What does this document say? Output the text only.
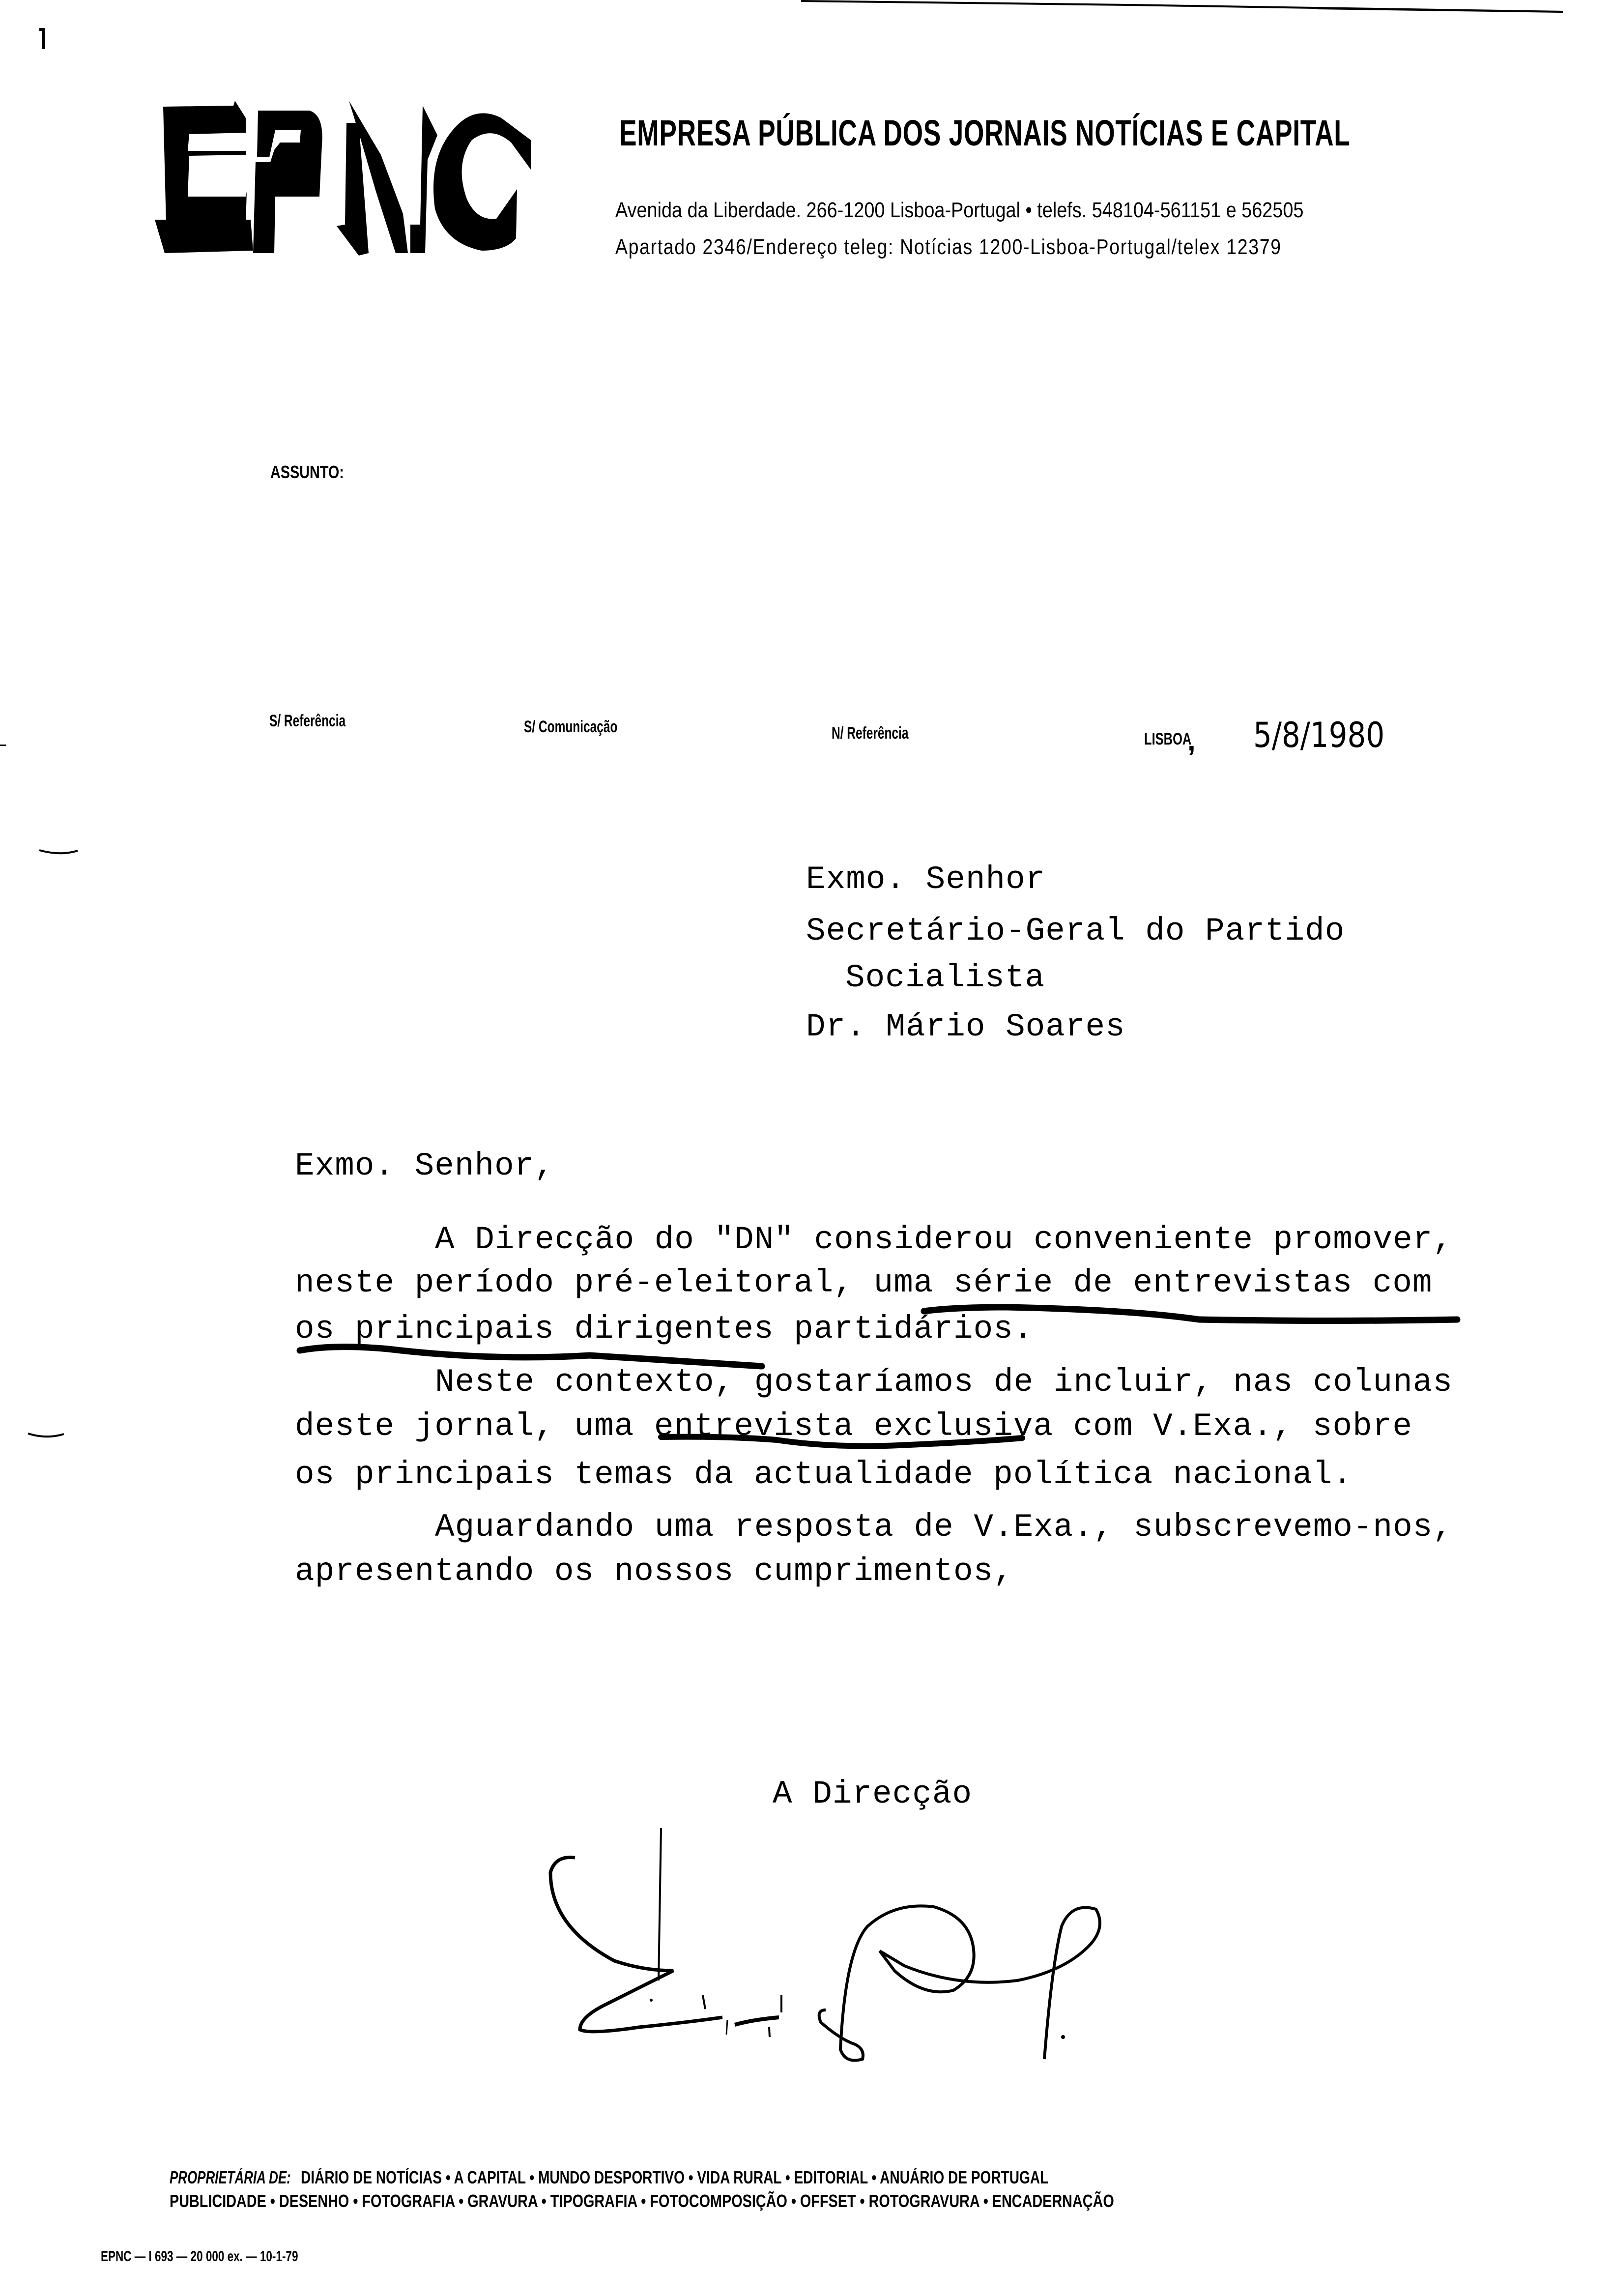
EMPRESA PÚBLICA DOS JORNAIS NOTÍCIAS E CAPITAL
Avenida da Liberdade. 266-1200 Lisboa-Portugal • telefs. 548104-561151 e 562505
Apartado 2346/Endereço teleg: Notícias 1200-Lisboa-Portugal/telex 12379
ASSUNTO:
S/ Referência	S/ Comunicação	N/ Referência	LISBOA
, 5/8/1980
Exmo. Senhor
Secretário-Geral do Partido
Socialista
Dr. Mário Soares
Exmo. Senhor,
A Direcção do "DN" considerou conveniente promover,
neste período pré-eleitoral, uma série de entrevistas com
os principais dirigentes partidários.
Neste contexto, gostaríamos de incluir, nas colunas
deste jornal, uma entrevista exclusiva com V.Exa., sobre
os principais temas da actualidade política nacional.
Aguardando uma resposta de V.Exa., subscrevemo-nos,
apresentando os nossos cumprimentos,
A Direcção
PROPRIETÁRIA DE: DIÁRIO DE NOTÍCIAS • A CAPITAL • MUNDO DESPORTIVO • VIDA RURAL • EDITORIAL • ANUÁRIO DE PORTUGAL
PUBLICIDADE • DESENHO • FOTOGRAFIA • GRAVURA • TIPOGRAFIA • FOTOCOMPOSIÇÃO • OFFSET • ROTOGRAVURA • ENCADERNAÇÃO
EPNC — I 693 — 20 000 ex. — 10-1-79
